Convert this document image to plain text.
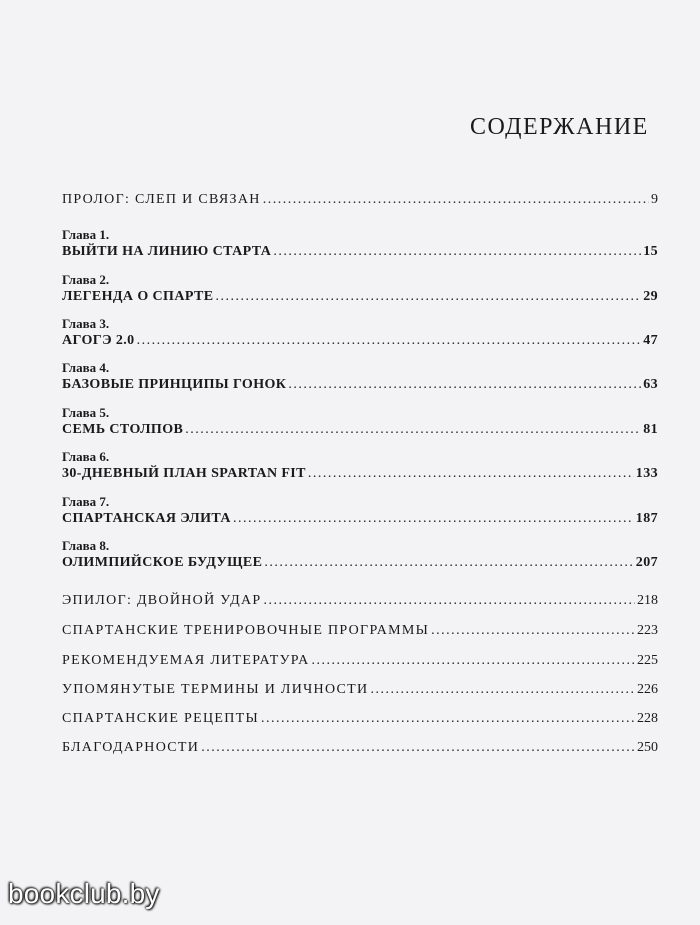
СОДЕРЖАНИЕ
ПРОЛОГ: СЛЕП И СВЯЗАН . . .	9
Глава 1.
ВЫЙТИ НА ЛИНИЮ СТАРТА . . .	15
Глава 2.
ЛЕГЕНДА О СПАРТЕ . . .	29
Глава 3.
АГОГЭ 2.0 . . .	47
Глава 4.
БАЗОВЫЕ ПРИНЦИПЫ ГОНОК . . .	63
Глава 5.
СЕМЬ СТОЛПОВ . . .	81
Глава 6.
30-ДНЕВНЫЙ ПЛАН SPARTAN FIT . . .	133
Глава 7.
СПАРТАНСКАЯ ЭЛИТА . . .	187
Глава 8.
ОЛИМПИЙСКОЕ БУДУЩЕЕ . . .	207
ЭПИЛОГ: ДВОЙНОЙ УДАР . . .	218
СПАРТАНСКИЕ ТРЕНИРОВОЧНЫЕ ПРОГРАММЫ . . .	223
РЕКОМЕНДУЕМАЯ ЛИТЕРАТУРА . . .	225
УПОМЯНУТЫЕ ТЕРМИНЫ И ЛИЧНОСТИ . . .	226
СПАРТАНСКИЕ РЕЦЕПТЫ . . .	228
БЛАГОДАРНОСТИ . . .	250
bookclub.by
